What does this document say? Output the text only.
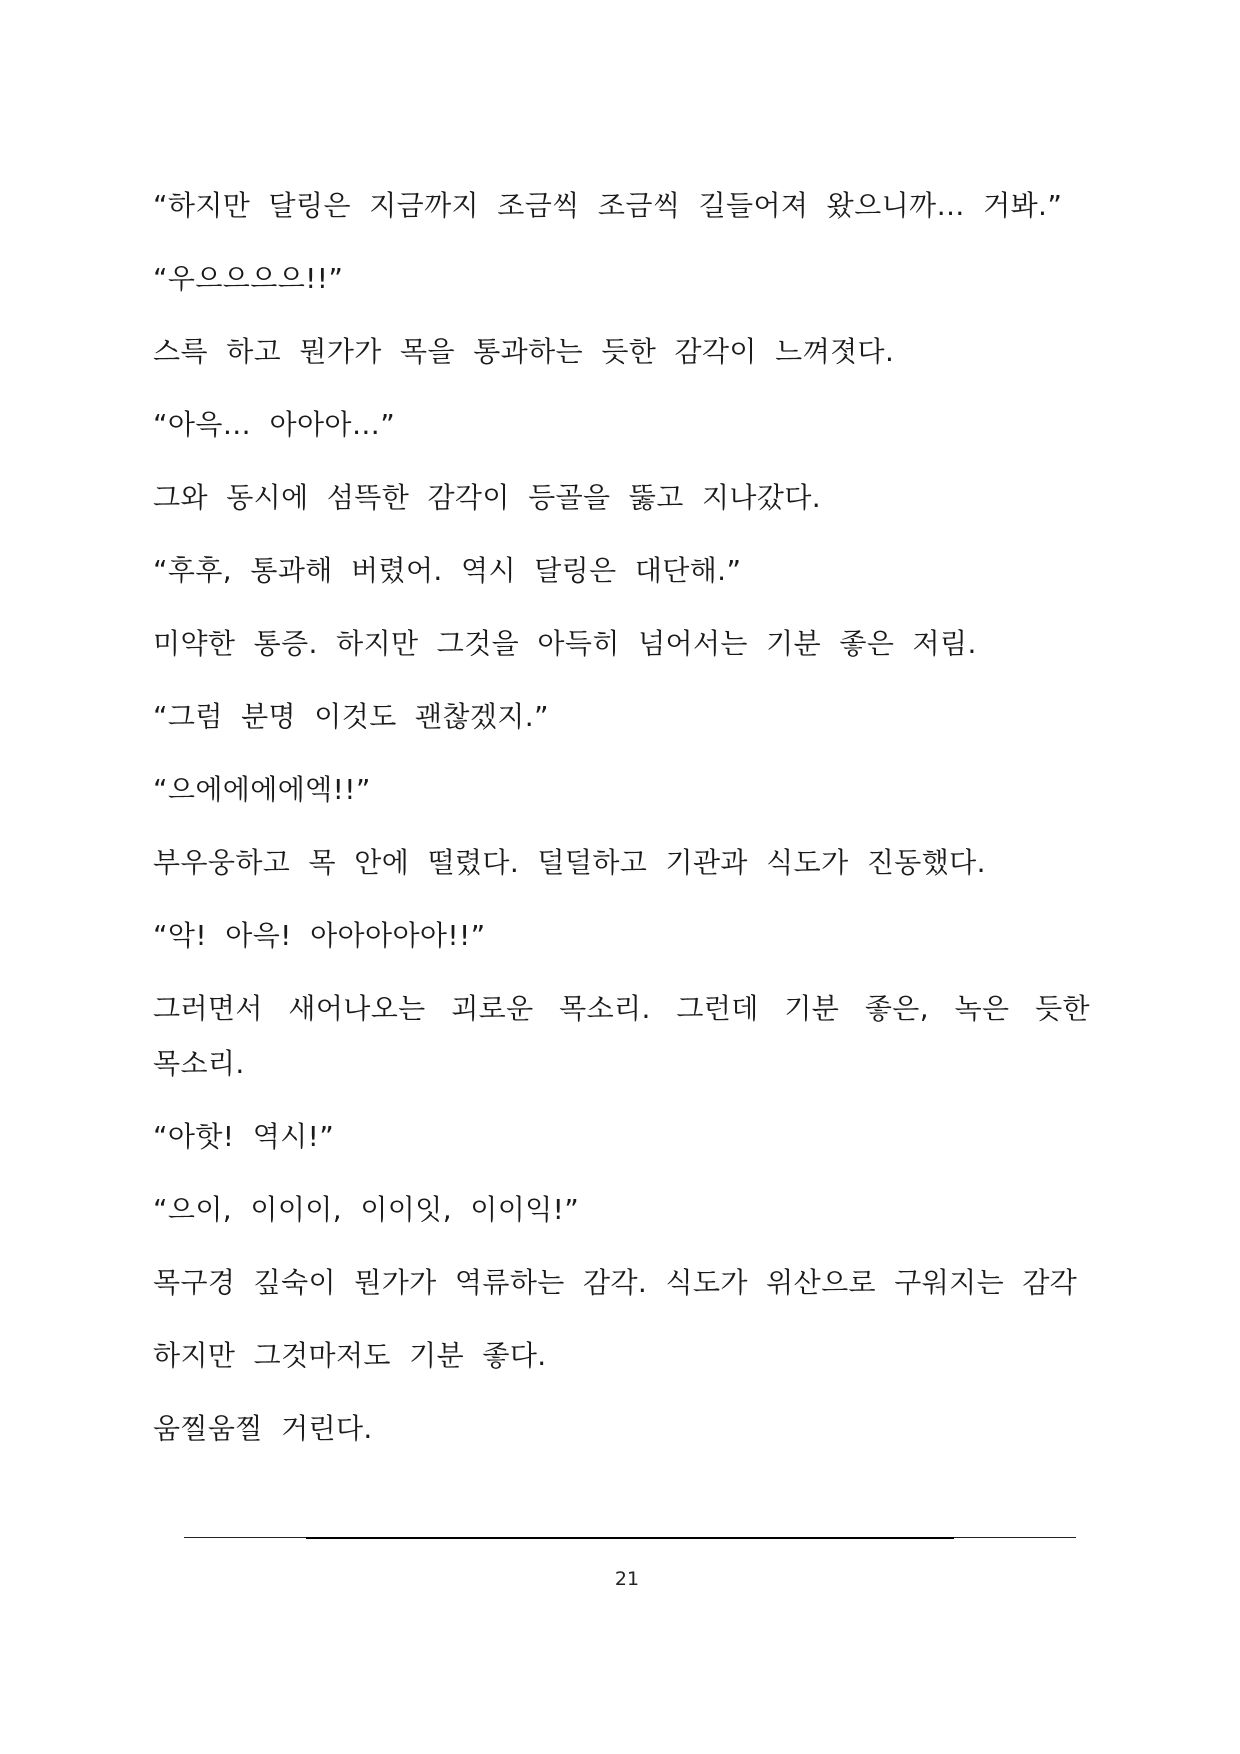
“하지만 달링은 지금까지 조금씩 조금씩 길들어져 왔으니까… 거봐.”

“우으으으으!!”

스륵 하고 뭔가가 목을 통과하는 듯한 감각이 느껴졋다.

“아윽… 아아아…”

그와 동시에 섬뜩한 감각이 등골을 뚫고 지나갔다.

“후후, 통과해 버렸어. 역시 달링은 대단해.”

미약한 통증. 하지만 그것을 아득히 넘어서는 기분 좋은 저림.

“그럼 분명 이것도 괜찮겠지.”

“으에에에에엑!!”

부우웅하고 목 안에 떨렸다. 덜덜하고 기관과 식도가 진동했다.

“악! 아윽! 아아아아아!!”

그러면서 새어나오는 괴로운 목소리. 그런데 기분 좋은, 녹은 듯한 목소리.

“아핫! 역시!”

“으이, 이이이, 이이잇, 이이익!”

목구경 깊숙이 뭔가가 역류하는 감각. 식도가 위산으로 구워지는 감각

하지만 그것마저도 기분 좋다.

움찔움찔 거린다.

21
